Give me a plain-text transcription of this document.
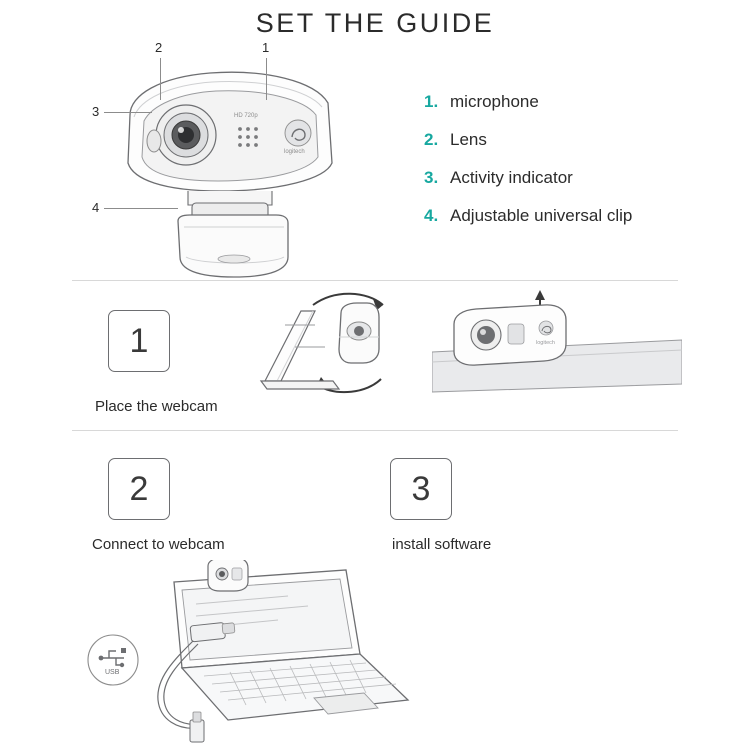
SET THE GUIDE
HD 720p
logitech
2	1
3
4
1. microphone
2. Lens
3. Activity indicator
4. Adjustable universal clip
1
Place the webcam
logitech
2
Connect to webcam
3
install software
USB
